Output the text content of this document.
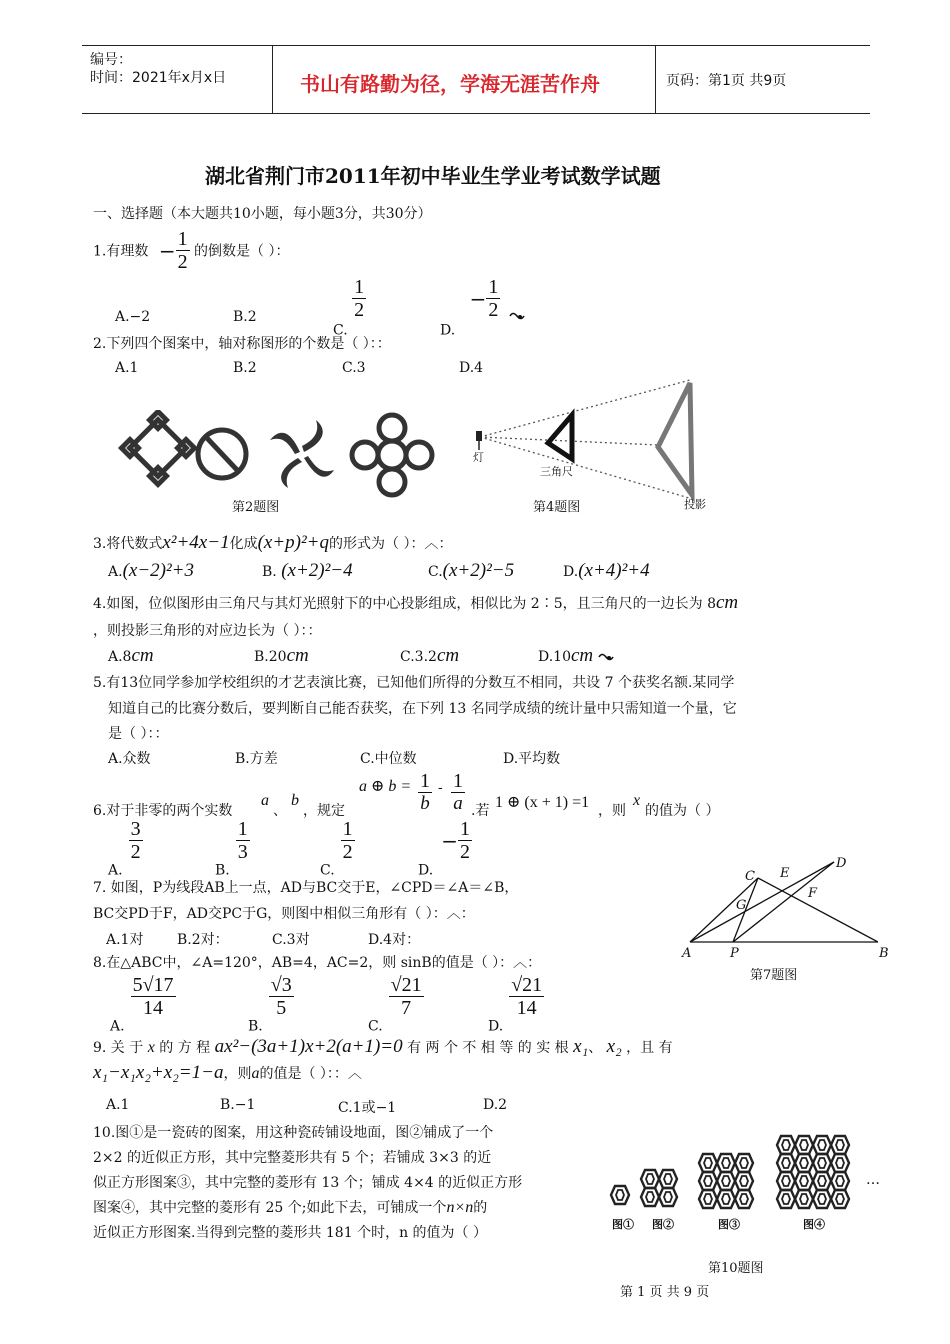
编号：
时间：2021年x月x日	书山有路勤为径，学海无涯苦作舟	页码：第1页 共9页
湖北省荆门市2011年初中毕业生学业考试数学试题
一、选择题（本大题共10小题，每小题3分，共30分）
1.有理数 − $\frac{1}{2}$ 的倒数是（ ）：
A.−2	B.2
C.
$\frac{1}{2}$
D. − $\frac{1}{2}$

2.下列四个图案中，轴对称图形的个数是（ ）：：
A.1	B.2	C.3	D.4
第2题图
灯
三角尺
投影
第4题图
3.将代数式x²+4x−1化成(x+p)²+q的形式为（ ）：︿：
A.(x−2)²+3	B. (x+2)²−4	C.(x+2)²−5	D.(x+4)²+4
4.如图，位似图形由三角尺与其灯光照射下的中心投影组成，相似比为 2∶5，且三角尺的一边长为 8cm
，则投影三角形的对应边长为（ ）：：
A.8cm	B.20cm	C.3.2cm	D.10cm
5.有13位同学参加学校组织的才艺表演比赛，已知他们所得的分数互不相同，共设 7 个获奖名额.某同学
知道自己的比赛分数后，要判断自己能否获奖，在下列 13 名同学成绩的统计量中只需知道一个量，它
是（ ）：：
A.众数	B.方差	C.中位数	D.平均数
6.对于非零的两个实数
a
、
b
，规定
a ⊕ $b = \frac{1}{b} - \frac{1}{a}$ .若 1 ⊕ (x + 1) =1 ，则
x
的值为（ ）
A.
$\frac{3}{2}$
B.
$\frac{1}{3}$
C.
$\frac{1}{2}$
$D.- \frac{1}{2}$
7. 如图，P为线段AB上一点，AD与BC交于E，∠CPD＝∠A＝∠B，
BC交PD于F，AD交PC于G，则图中相似三角形有（ ）：︿：
A.1对 B.2对：	C.3对	D.4对：
A	B
C
D
E
F
G
P
第7题图
8.在△ABC中，∠A=120°，AB=4，AC=2，则 sinB的值是（ ）：︿：
A.
$\frac{5√17}{14}$
B.
$\frac{√3}{5}$
C.
$\frac{√21}{7}$
D.
$\frac{√21}{14}$
9. 关 于 x 的 方 程 ax²−(3a+1)x+2(a+1)=0 有 两 个 不 相 等 的 实 根 x₁、 x₂ ，且 有
x₁−x₁x₂+x₂=1−a，则a的值是（ ）：：︿
A.1	B.−1	C.1或−1	D.2
10.图①是一瓷砖的图案，用这种瓷砖铺设地面，图②铺成了一个
2×2 的近似正方形，其中完整菱形共有 5 个；若铺成 3×3 的近
似正方形图案③，其中完整的菱形有 13 个；铺成 4×4 的近似正方形
图案④，其中完整的菱形有 25 个;如此下去，可铺成一个n×n的
近似正方形图案.当得到完整的菱形共 181 个时，n 的值为（ ）
…
图① 图②	图③	图④
第10题图
第 1 页 共 9 页
